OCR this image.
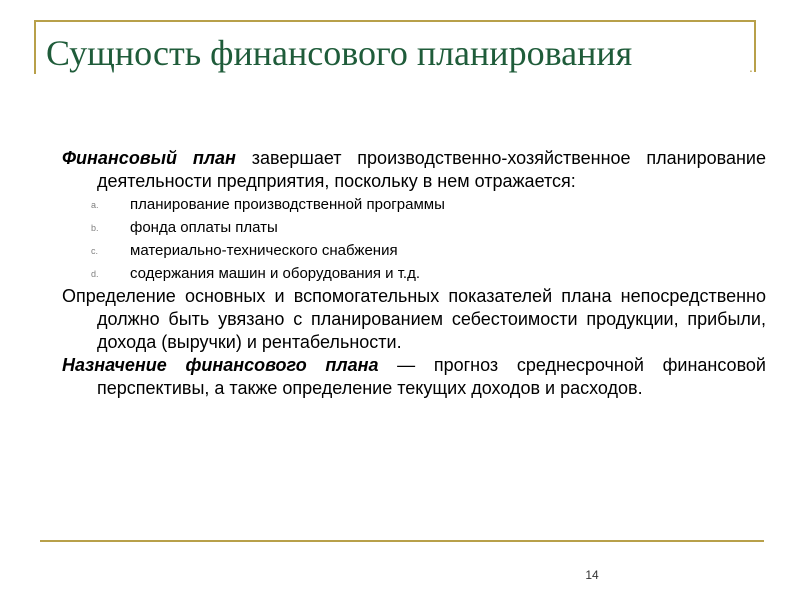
.
Сущность финансового планирования

Финансовый план завершает производственно-хозяйственное планирование деятельности предприятия, поскольку в нем отражается:

a. планирование производственной программы
b. фонда оплаты платы
c. материально-технического снабжения
d. содержания машин и оборудования и т.д.

Определение основных и вспомогательных показателей плана непосредственно должно быть увязано с планированием себестоимости продукции, прибыли, дохода (выручки) и рентабельности.

Назначение финансового плана — прогноз среднесрочной финансовой перспективы, а также определение текущих доходов и расходов.

14
